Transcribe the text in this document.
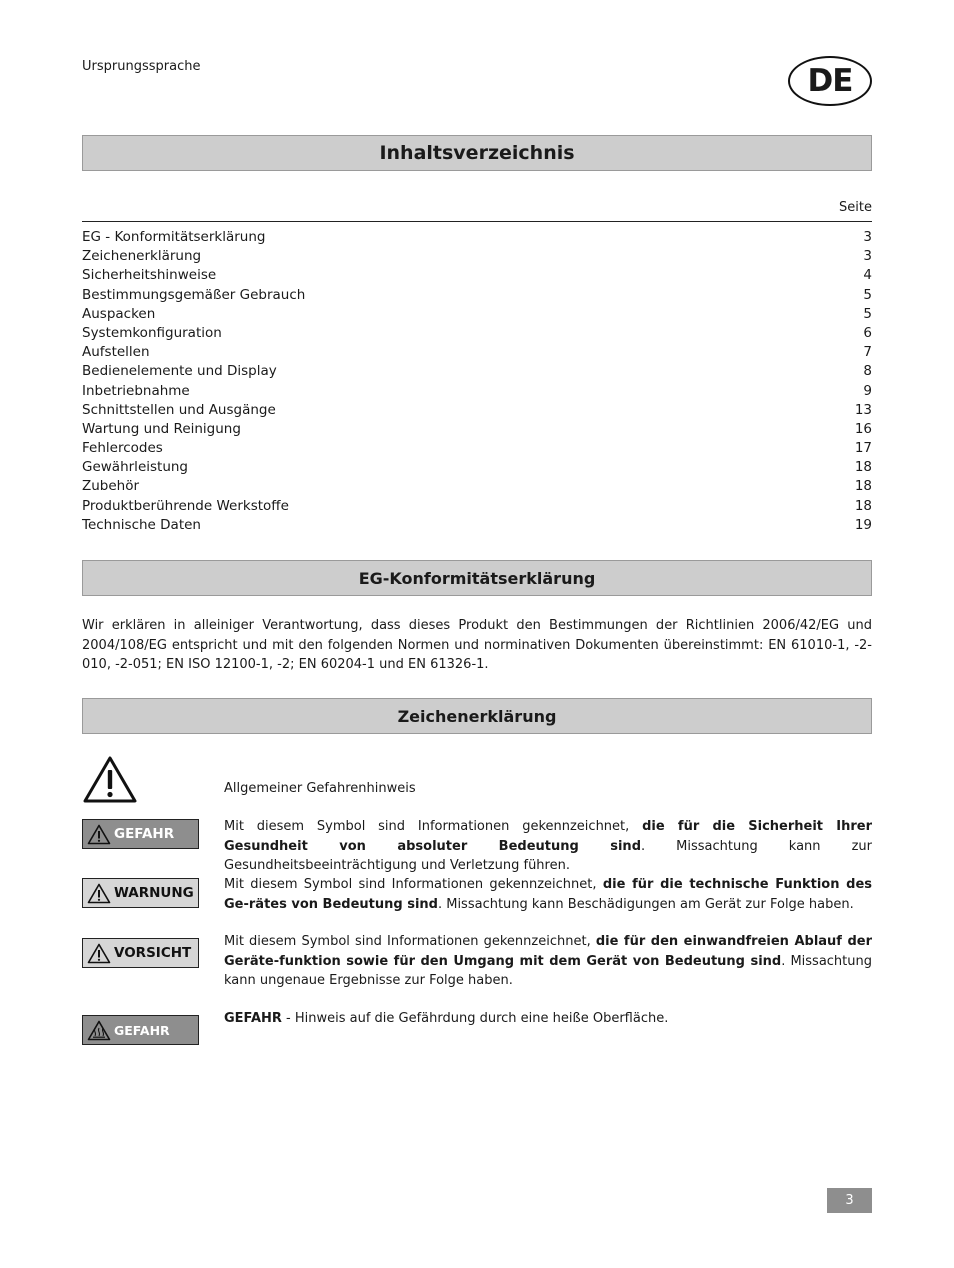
Ursprungssprache	DE
Inhaltsverzeichnis
Seite
EG - Konformitätserklärung	3
Zeichenerklärung	3
Sicherheitshinweise	4
Bestimmungsgemäßer Gebrauch	5
Auspacken	5
Systemkonfiguration	6
Aufstellen	7
Bedienelemente und Display	8
Inbetriebnahme	9
Schnittstellen und Ausgänge	13
Wartung und Reinigung	16
Fehlercodes	17
Gewährleistung	18
Zubehör	18
Produktberührende Werkstoffe	18
Technische Daten	19
EG-Konformitätserklärung
Wir erklären in alleiniger Verantwortung, dass dieses Produkt den Bestimmungen der Richtlinien 2006/42/EG und 2004/108/EG entspricht und mit den folgenden Normen und norminativen Dokumenten übereinstimmt: EN 61010-1, -2-010, -2-051; EN ISO 12100-1, -2; EN 60204-1 und EN 61326-1.
Zeichenerklärung
Allgemeiner Gefahrenhinweis
GEFAHR	Mit diesem Symbol sind Informationen gekennzeichnet, die für die Sicherheit Ihrer Gesundheit von absoluter Bedeutung sind. Missachtung kann zur Gesundheitsbeeinträchtigung und Verletzung führen.
WARNUNG
Mit diesem Symbol sind Informationen gekennzeichnet, die für die technische Funktion des Ge-rätes von Bedeutung sind. Missachtung kann Beschädigungen am Gerät zur Folge haben.
VORSICHT
Mit diesem Symbol sind Informationen gekennzeichnet, die für den einwandfreien Ablauf der Geräte-funktion sowie für den Umgang mit dem Gerät von Bedeutung sind. Missachtung kann ungenaue Ergebnisse zur Folge haben.
GEFAHR
GEFAHR - Hinweis auf die Gefährdung durch eine heiße Oberfläche.
3
